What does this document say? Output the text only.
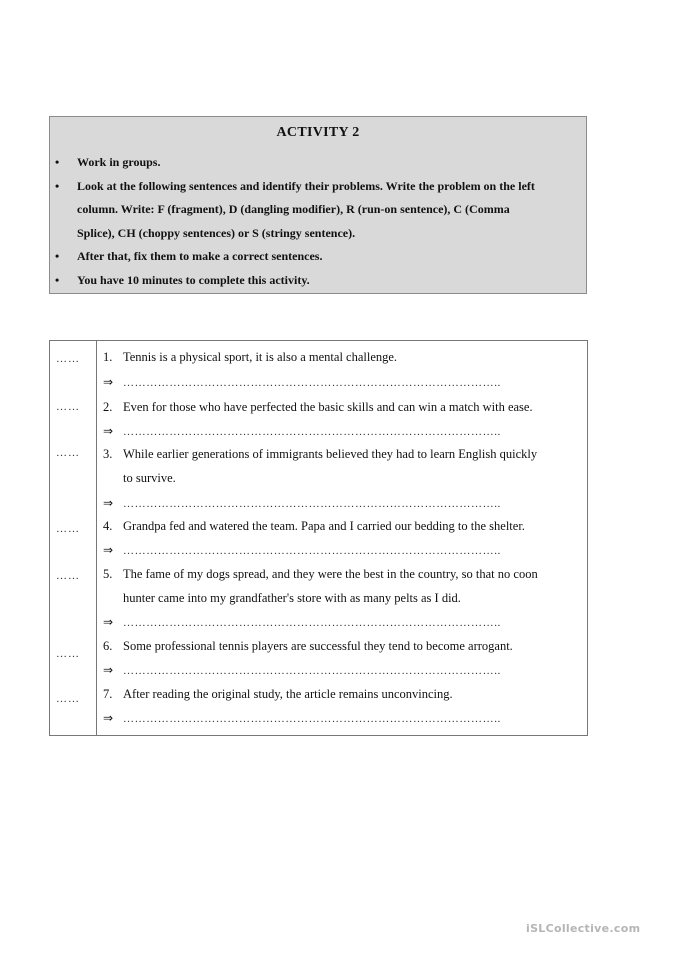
ACTIVITY 2
• Work in groups.
• Look at the following sentences and identify their problems. Write the problem on the left column. Write: F (fragment), D (dangling modifier), R (run-on sentence), C (Comma Splice), CH (choppy sentences) or S (stringy sentence).
• After that, fix them to make a correct sentences.
• You have 10 minutes to complete this activity.
…… 1. Tennis is a physical sport, it is also a mental challenge.
⇒ ……………………………………………………………………………………..
…… 2. Even for those who have perfected the basic skills and can win a match with ease.
⇒ ……………………………………………………………………………………..
…… 3. While earlier generations of immigrants believed they had to learn English quickly
to survive.
⇒ ……………………………………………………………………………………..
…… 4. Grandpa fed and watered the team. Papa and I carried our bedding to the shelter.
⇒ ……………………………………………………………………………………..
…… 5. The fame of my dogs spread, and they were the best in the country, so that no coon
hunter came into my grandfather's store with as many pelts as I did.
⇒ ……………………………………………………………………………………..
……
6. Some professional tennis players are successful they tend to become arrogant.
⇒ ……………………………………………………………………………………..
…… 7. After reading the original study, the article remains unconvincing.
⇒ ……………………………………………………………………………………..
iSLCollective.com
